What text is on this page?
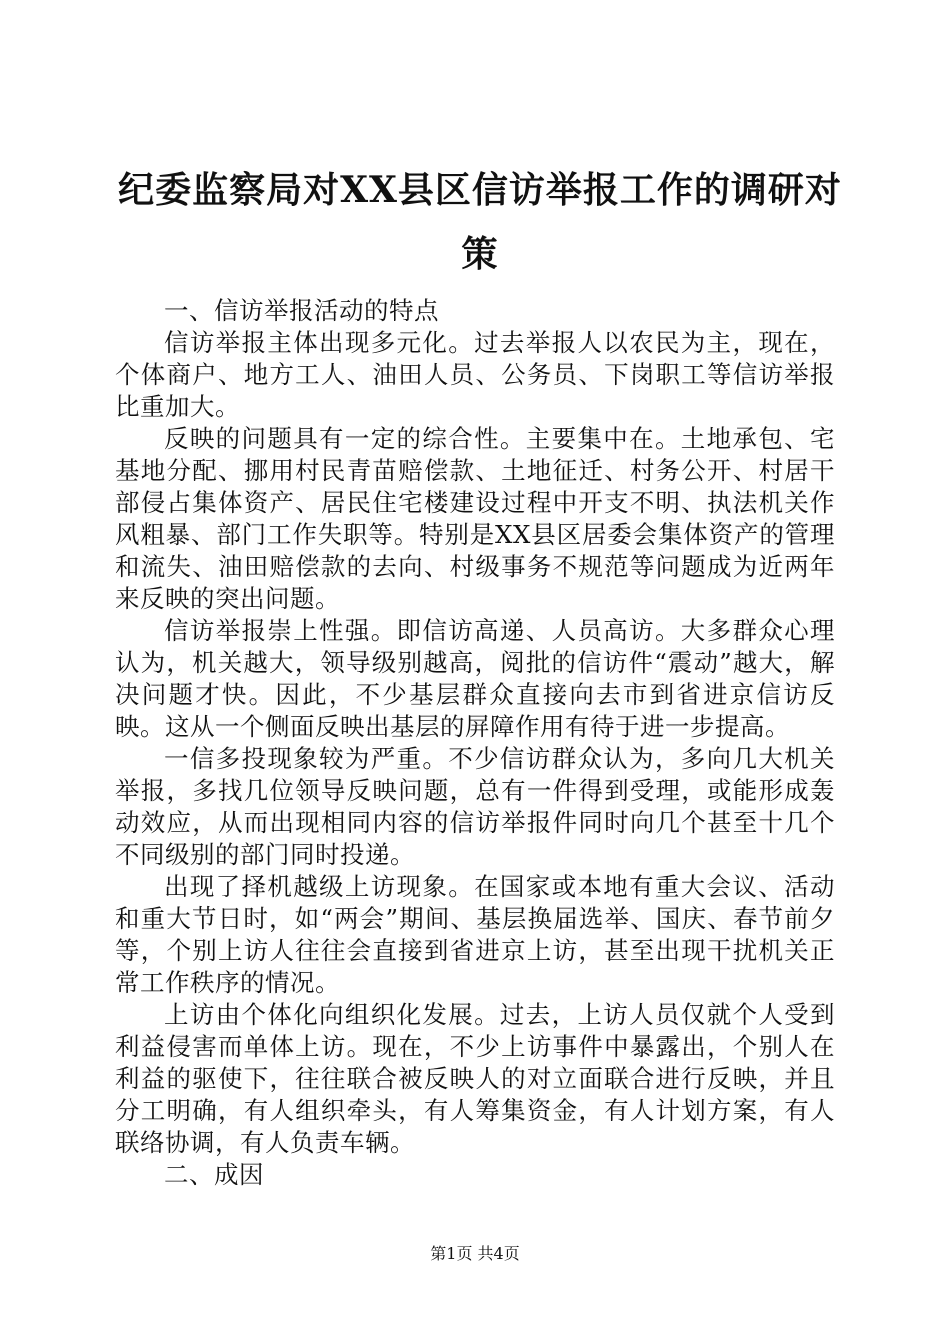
纪委监察局对XX县区信访举报工作的调研对策

一、信访举报活动的特点

信访举报主体出现多元化。过去举报人以农民为主，现在，个体商户、地方工人、油田人员、公务员、下岗职工等信访举报比重加大。

反映的问题具有一定的综合性。主要集中在。土地承包、宅基地分配、挪用村民青苗赔偿款、土地征迁、村务公开、村居干部侵占集体资产、居民住宅楼建设过程中开支不明、执法机关作风粗暴、部门工作失职等。特别是XX县区居委会集体资产的管理和流失、油田赔偿款的去向、村级事务不规范等问题成为近两年来反映的突出问题。

信访举报崇上性强。即信访高递、人员高访。大多群众心理认为，机关越大，领导级别越高，阅批的信访件“震动”越大，解决问题才快。因此，不少基层群众直接向去市到省进京信访反映。这从一个侧面反映出基层的屏障作用有待于进一步提高。

一信多投现象较为严重。不少信访群众认为，多向几大机关举报，多找几位领导反映问题，总有一件得到受理，或能形成轰动效应，从而出现相同内容的信访举报件同时向几个甚至十几个不同级别的部门同时投递。

出现了择机越级上访现象。在国家或本地有重大会议、活动和重大节日时，如“两会”期间、基层换届选举、国庆、春节前夕等，个别上访人往往会直接到省进京上访，甚至出现干扰机关正常工作秩序的情况。

上访由个体化向组织化发展。过去，上访人员仅就个人受到利益侵害而单体上访。现在，不少上访事件中暴露出，个别人在利益的驱使下，往往联合被反映人的对立面联合进行反映，并且分工明确，有人组织牵头，有人筹集资金，有人计划方案，有人联络协调，有人负责车辆。

二、成因

第1页 共4页
